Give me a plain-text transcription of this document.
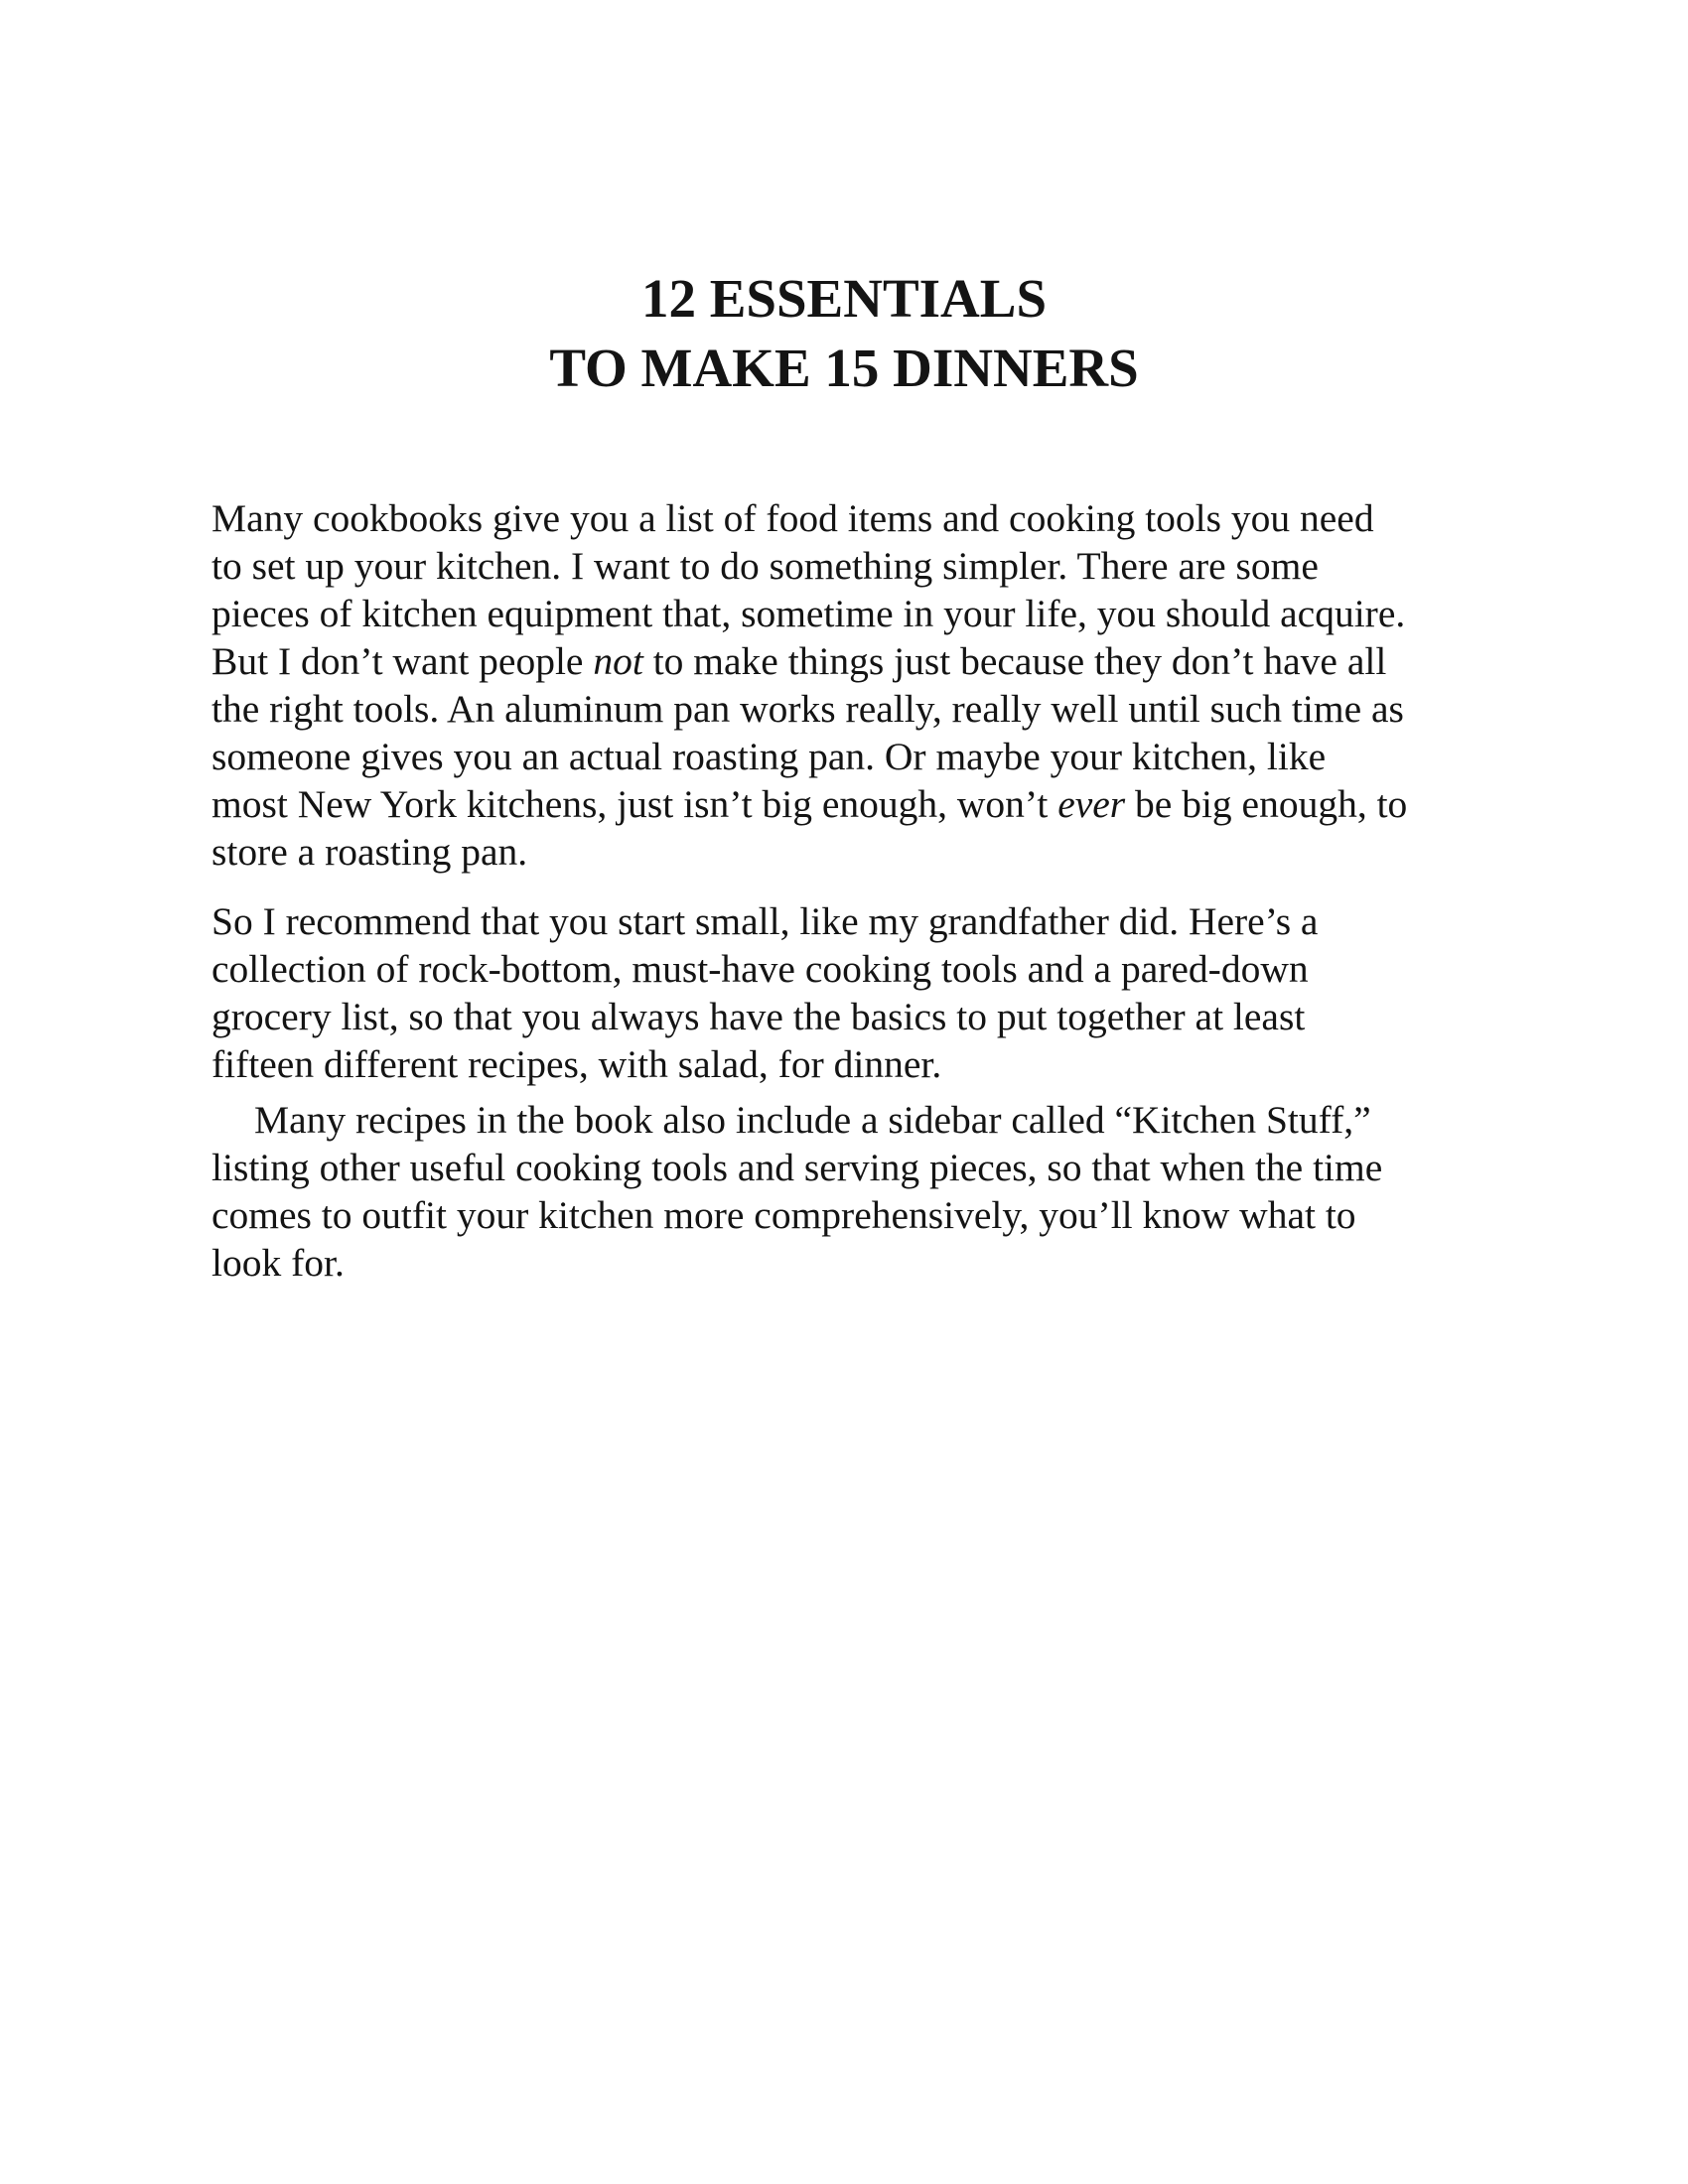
12 ESSENTIALS
TO MAKE 15 DINNERS

Many cookbooks give you a list of food items and cooking tools you need
to set up your kitchen. I want to do something simpler. There are some
pieces of kitchen equipment that, sometime in your life, you should acquire.
But I don’t want people not to make things just because they don’t have all
the right tools. An aluminum pan works really, really well until such time as
someone gives you an actual roasting pan. Or maybe your kitchen, like
most New York kitchens, just isn’t big enough, won’t ever be big enough, to
store a roasting pan.

So I recommend that you start small, like my grandfather did. Here’s a
collection of rock-bottom, must-have cooking tools and a pared-down
grocery list, so that you always have the basics to put together at least
fifteen different recipes, with salad, for dinner.

Many recipes in the book also include a sidebar called “Kitchen Stuff,”
listing other useful cooking tools and serving pieces, so that when the time
comes to outfit your kitchen more comprehensively, you’ll know what to
look for.
